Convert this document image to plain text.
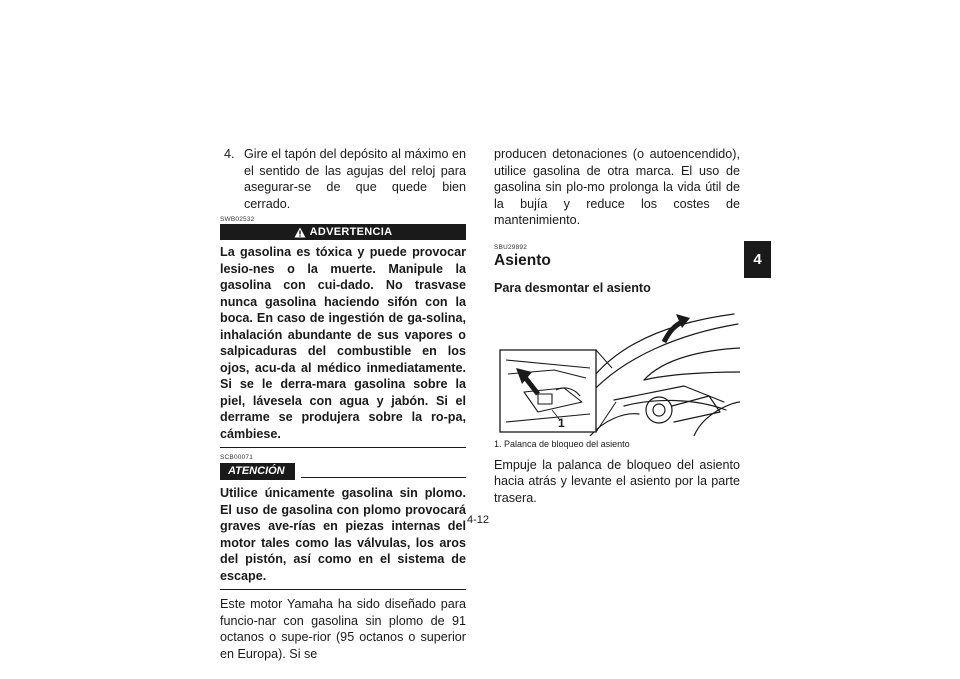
4. Gire el tapón del depósito al máximo en el sentido de las agujas del reloj para asegurar-se de que quede bien cerrado.

SWB02532

ADVERTENCIA

La gasolina es tóxica y puede provocar lesio-nes o la muerte. Manipule la gasolina con cui-dado. No trasvase nunca gasolina haciendo sifón con la boca. En caso de ingestión de ga-solina, inhalación abundante de sus vapores o salpicaduras del combustible en los ojos, acu-da al médico inmediatamente. Si se le derra-mara gasolina sobre la piel, lávesela con agua y jabón. Si el derrame se produjera sobre la ro-pa, cámbiese.

SCB00071

ATENCIÓN

Utilice únicamente gasolina sin plomo. El uso de gasolina con plomo provocará graves ave-rías en piezas internas del motor tales como las válvulas, los aros del pistón, así como en el sistema de escape.

Este motor Yamaha ha sido diseñado para funcio-nar con gasolina sin plomo de 91 octanos o supe-rior (95 octanos o superior en Europa). Si se

producen detonaciones (o autoencendido), utilice gasolina de otra marca. El uso de gasolina sin plo-mo prolonga la vida útil de la bujía y reduce los costes de mantenimiento.

SBU29892

Asiento

Para desmontar el asiento

1

1. Palanca de bloqueo del asiento

Empuje la palanca de bloqueo del asiento hacia atrás y levante el asiento por la parte trasera.

4
4-12
